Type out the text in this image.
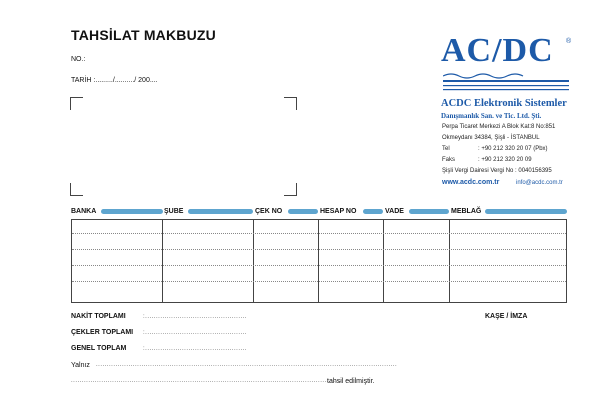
TAHSİLAT MAKBUZU
NO.:
TARİH :........./........../ 200....
AC/DC	®
ACDC Elektronik Sistemler
Danışmanlık San. ve Tic. Ltd. Şti.
Perpa Ticaret Merkezi A Blok Kat:8 No:851
Okmeydanı 34384, Şişli - İSTANBUL
Tel	: +90 212 320 20 07 (Pbx)
Faks	: +90 212 320 20 09
Şişli Vergi Dairesi Vergi No : 0040156395
www.acdc.com.tr	info@acdc.com.tr
BANKA	ŞUBE	ÇEK NO	HESAP NO	VADE	MEBLAĞ
NAKİT TOPLAMI	:...............................................
ÇEKLER TOPLAMI :...............................................
GENEL TOPLAM	:...............................................
Yalnız ...........................................................................................................................................
.............................................................................................................................
tahsil edilmiştir.
KAŞE / İMZA
